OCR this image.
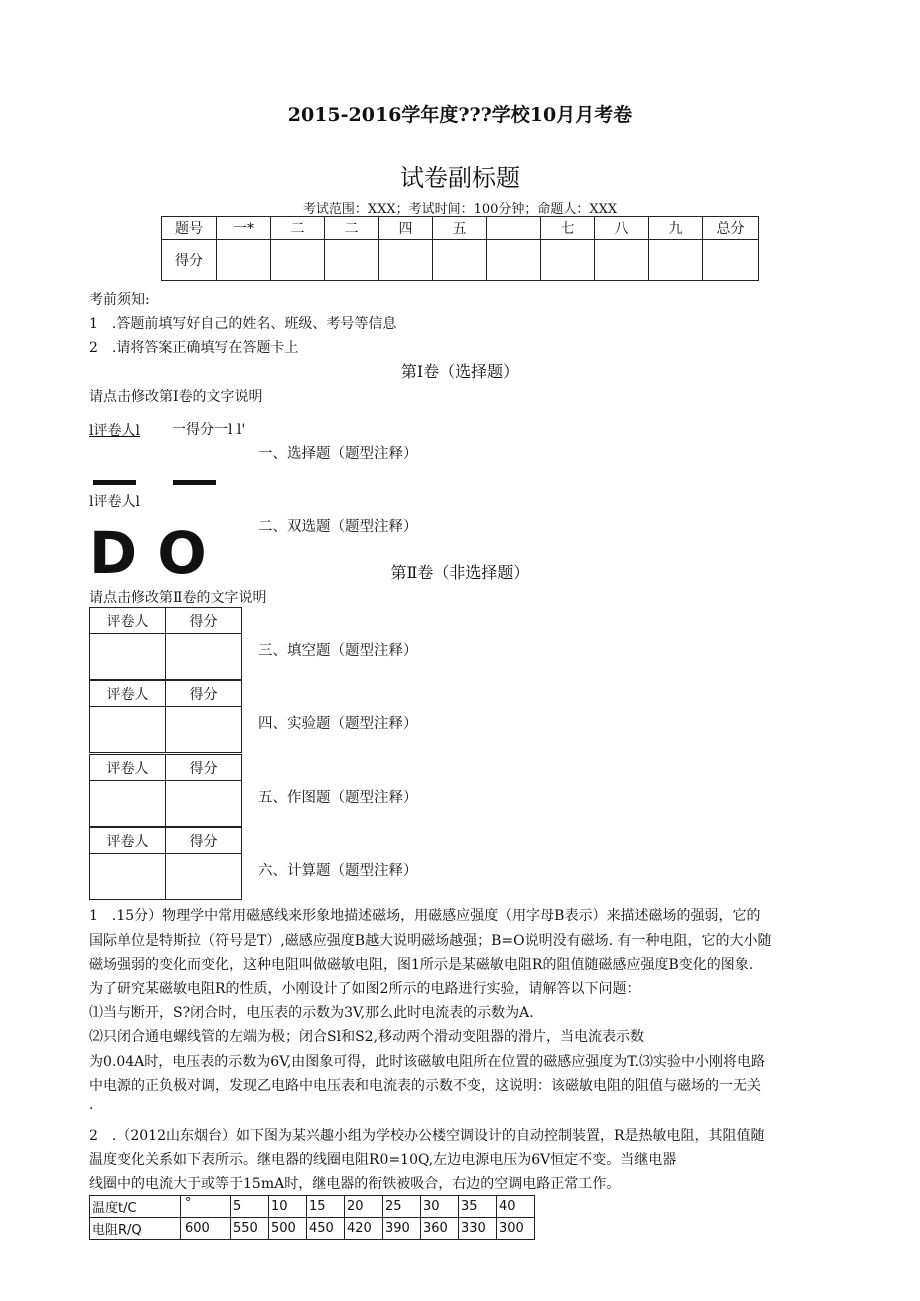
2015-2016学年度???学校10月月考卷
试卷副标题
考试范围：XXX；考试时间：100分钟；命题人：XXX
题号	一*	二	二	四	五		七	八	九	总分
得分										
考前须知:
1　.答题前填写好自己的姓名、班级、考号等信息
2　.请将答案正确填写在答题卡上
第Ⅰ卷（选择题）
请点击修改第Ⅰ卷的文字说明
l评卷人l 一得分一l l'
一、选择题（题型注释）
l评卷人l
二、双选题（题型注释）
D O	第Ⅱ卷（非选择题）
请点击修改第Ⅱ卷的文字说明
评卷人	得分

三、填空题（题型注释）
评卷人	得分

四、实验题（题型注释）
评卷人	得分

五、作图题（题型注释）
评卷人	得分

六、计算题（题型注释）
1　.15分）物理学中常用磁感线来形象地描述磁场，用磁感应强度（用字母B表示）来描述磁场的强弱，它的
国际单位是特斯拉（符号是T）,磁感应强度B越大说明磁场越强；B=O说明没有磁场. 有一种电阻，它的大小随
磁场强弱的变化而变化，这种电阻叫做磁敏电阻，图1所示是某磁敏电阻R的阻值随磁感应强度B变化的图象.
为了研究某磁敏电阻R的性质，小刚设计了如图2所示的电路进行实验，请解答以下问题：
⑴当与断开，S?闭合时，电压表的示数为3V,那么此时电流表的示数为A.
⑵只闭合通电螺线管的左端为极；闭合Sl和S2,移动两个滑动变阻器的滑片，当电流表示数
为0.04A时，电压表的示数为6V,由图象可得，此时该磁敏电阻所在位置的磁感应强度为T.⑶实验中小刚将电路
中电源的正负极对调，发现乙电路中电压表和电流表的示数不变，这说明：该磁敏电阻的阻值与磁场的一无关
.
2　.（2012山东烟台）如下图为某兴趣小组为学校办公楼空调设计的自动控制装置，R是热敏电阻，其阻值随
温度变化关系如下表所示。继电器的线圈电阻R0=10Q,左边电源电压为6V恒定不变。当继电器
线圈中的电流大于或等于15mA时，继电器的衔铁被吸合，右边的空调电路正常工作。
温度t/C	°	5	10	15	20	25	30	35	40
电阻R/Q	600	550	500	450	420	390	360	330	300
